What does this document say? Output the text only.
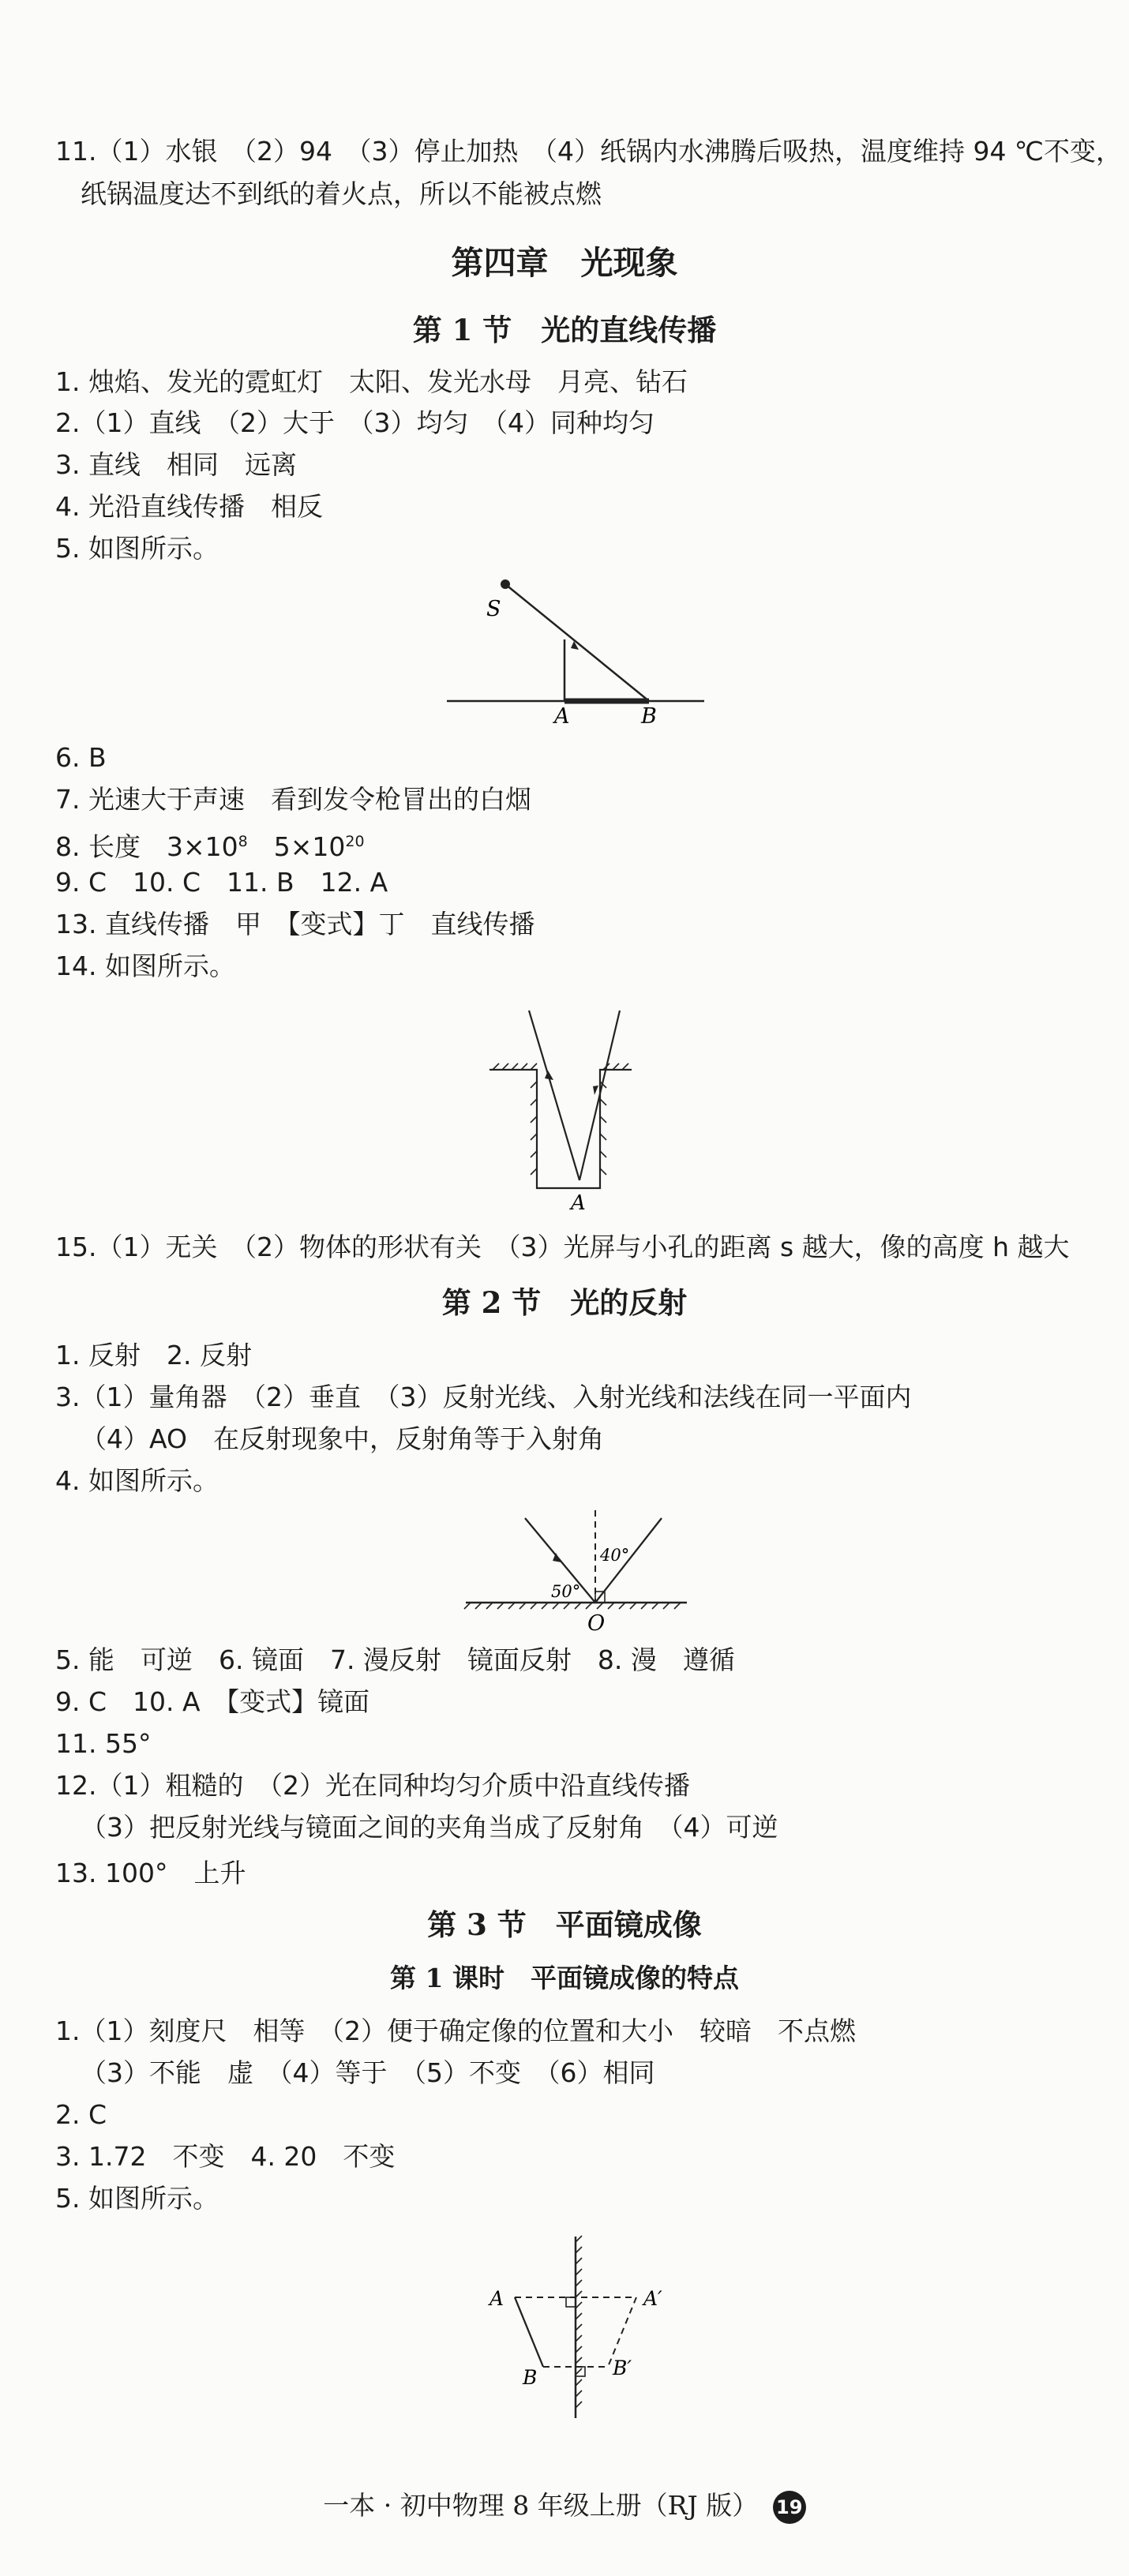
11.（1）水银　（2）94　（3）停止加热　（4）纸锅内水沸腾后吸热，温度维持 94 ℃不变，
纸锅温度达不到纸的着火点，所以不能被点燃
第四章　光现象
第 1 节　光的直线传播
1. 烛焰、发光的霓虹灯　太阳、发光水母　月亮、钻石
2.（1）直线　（2）大于　（3）均匀　（4）同种均匀
3. 直线　相同　远离
4. 光沿直线传播　相反
5. 如图所示。
S
A	B
6. B
7. 光速大于声速　看到发令枪冒出的白烟
8. 长度　$3\times 10^8$　$5\times 10^{20}$
9. C　10. C　11. B　12. A
13. 直线传播　甲　【变式】丁　直线传播
14. 如图所示。
A
15.（1）无关　（2）物体的形状有关　（3）光屏与小孔的距离 s 越大，像的高度 h 越大
第 2 节　光的反射
1. 反射　2. 反射
3.（1）量角器　（2）垂直　（3）反射光线、入射光线和法线在同一平面内
（4）AO　在反射现象中，反射角等于入射角
4. 如图所示。
40°
50°
O
5. 能　可逆　6. 镜面　7. 漫反射　镜面反射　8. 漫　遵循
9. C　10. A　【变式】镜面
11. 55°
12.（1）粗糙的　（2）光在同种均匀介质中沿直线传播
（3）把反射光线与镜面之间的夹角当成了反射角　（4）可逆
13. 100°　上升
第 3 节　平面镜成像
第 1 课时　平面镜成像的特点
1.（1）刻度尺　相等　（2）便于确定像的位置和大小　较暗　不点燃
（3）不能　虚　（4）等于　（5）不变　（6）相同
2. C
3. 1.72　不变　4. 20　不变
5. 如图所示。
A	A′
B	B′
一本 · 初中物理 8 年级上册（RJ 版） 19
